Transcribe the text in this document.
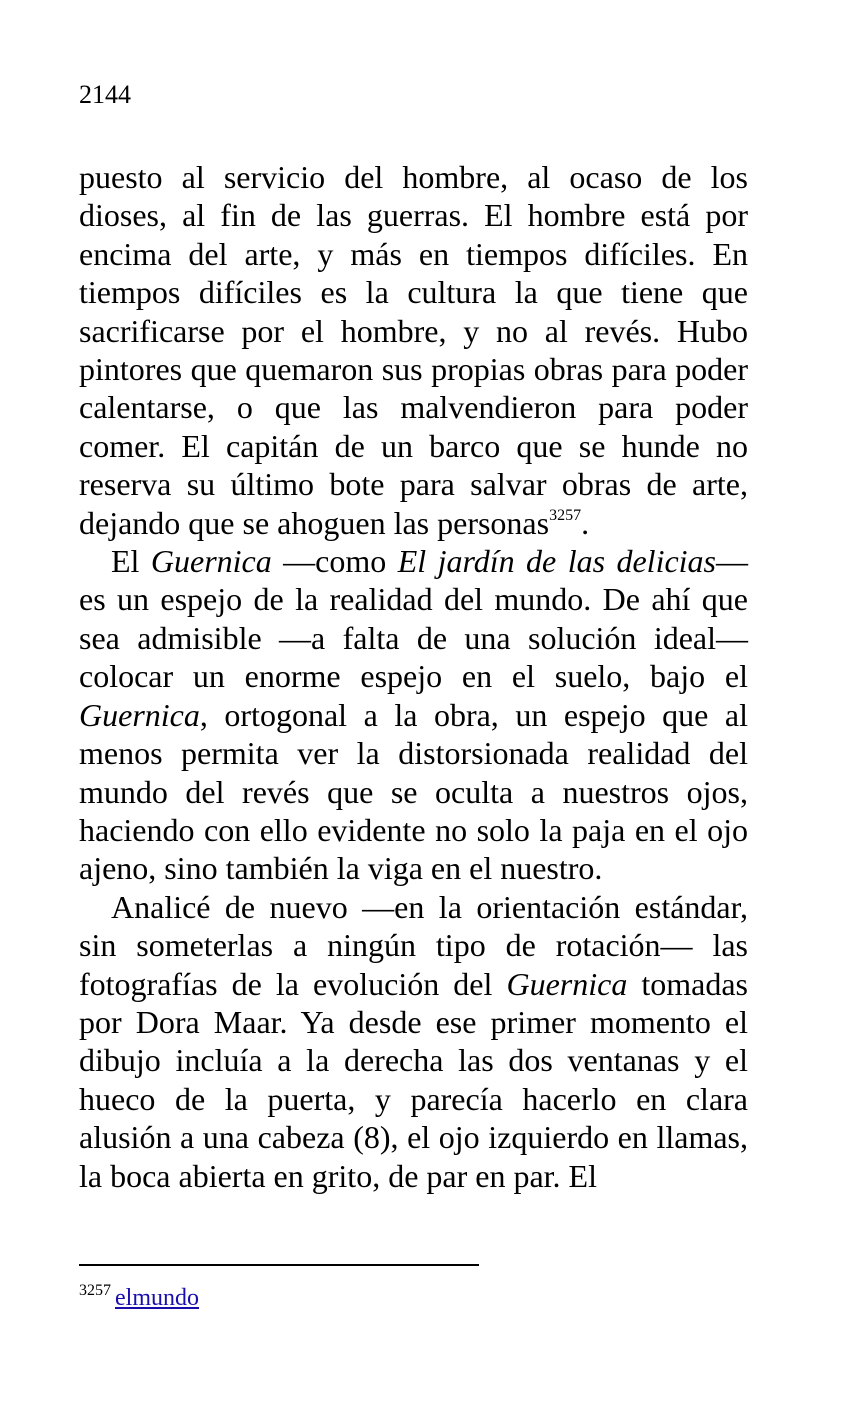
2144

puesto al servicio del hombre, al ocaso de los dioses, al fin de las guerras. El hombre está por encima del arte, y más en tiempos difíciles. En tiempos difíciles es la cultura la que tiene que sacrificarse por el hombre, y no al revés. Hubo pintores que quemaron sus propias obras para poder calentarse, o que las malvendieron para poder comer. El capitán de un barco que se hunde no reserva su último bote para salvar obras de arte, dejando que se ahoguen las personas$^{3257}$.

El Guernica —como El jardín de las delicias— es un espejo de la realidad del mundo. De ahí que sea admisible —a falta de una solución ideal— colocar un enorme espejo en el suelo, bajo el Guernica, ortogonal a la obra, un espejo que al menos permita ver la distorsionada realidad del mundo del revés que se oculta a nuestros ojos, haciendo con ello evidente no solo la paja en el ojo ajeno, sino también la viga en el nuestro.

Analicé de nuevo —en la orientación estándar, sin someterlas a ningún tipo de rotación— las fotografías de la evolución del Guernica tomadas por Dora Maar. Ya desde ese primer momento el dibujo incluía a la derecha las dos ventanas y el hueco de la puerta, y parecía hacerlo en clara alusión a una cabeza (8), el ojo izquierdo en llamas, la boca abierta en grito, de par en par. El

$^{3257}$ elmundo
